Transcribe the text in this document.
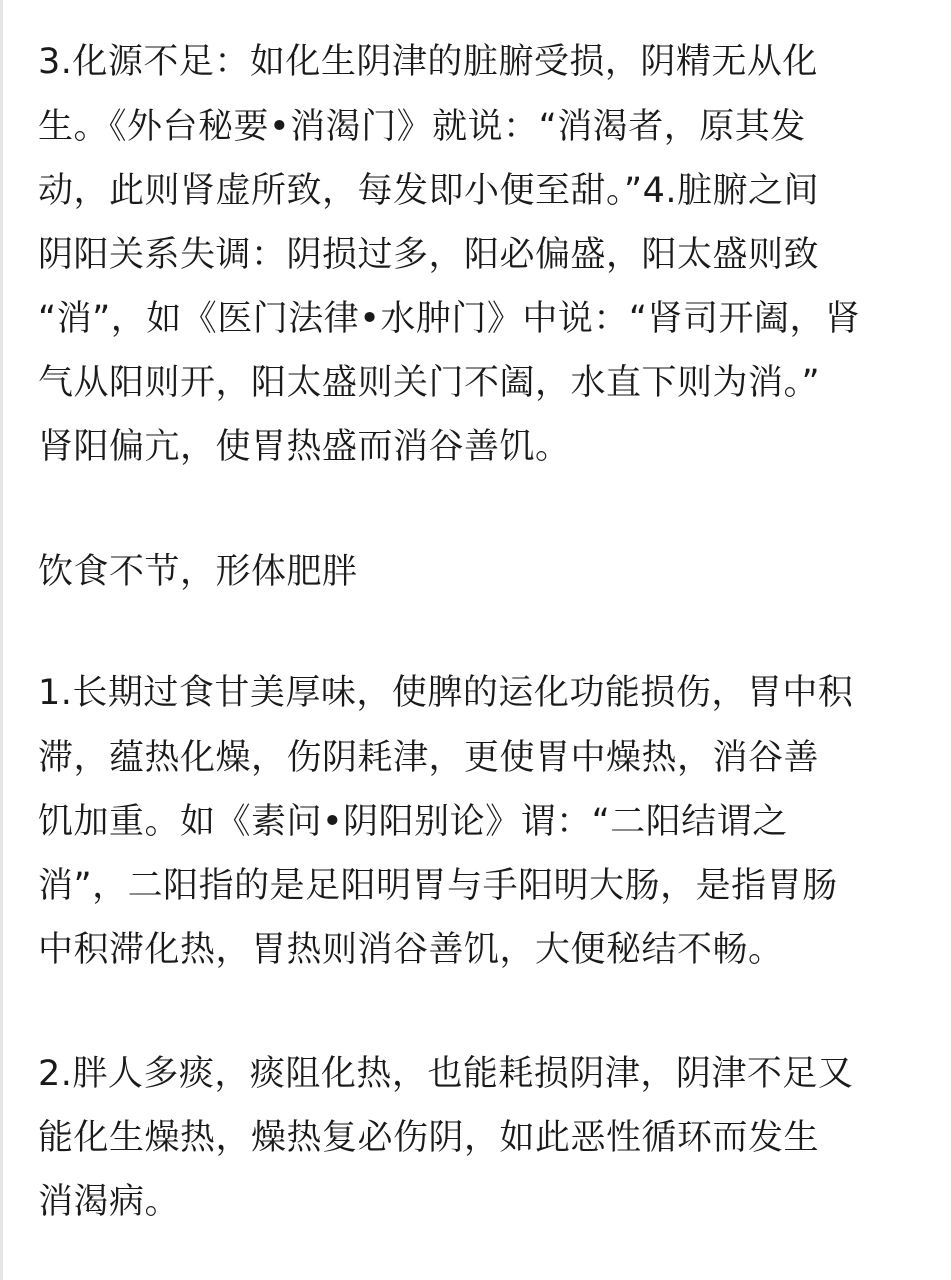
3.化源不足：如化生阴津的脏腑受损，阴精无从化
生。《外台秘要•消渴门》就说：“消渴者，原其发
动，此则肾虚所致，每发即小便至甜。”4.脏腑之间
阴阳关系失调：阴损过多，阳必偏盛，阳太盛则致
“消”，如《医门法律•水肿门》中说：“肾司开阖，肾
气从阳则开，阳太盛则关门不阖，水直下则为消。”
肾阳偏亢，使胃热盛而消谷善饥。
饮食不节，形体肥胖
1.长期过食甘美厚味，使脾的运化功能损伤，胃中积
滞，蕴热化燥，伤阴耗津，更使胃中燥热，消谷善
饥加重。如《素问•阴阳别论》谓：“二阳结谓之
消”，二阳指的是足阳明胃与手阳明大肠，是指胃肠
中积滞化热，胃热则消谷善饥，大便秘结不畅。
2.胖人多痰，痰阻化热，也能耗损阴津，阴津不足又
能化生燥热，燥热复必伤阴，如此恶性循环而发生
消渴病。
